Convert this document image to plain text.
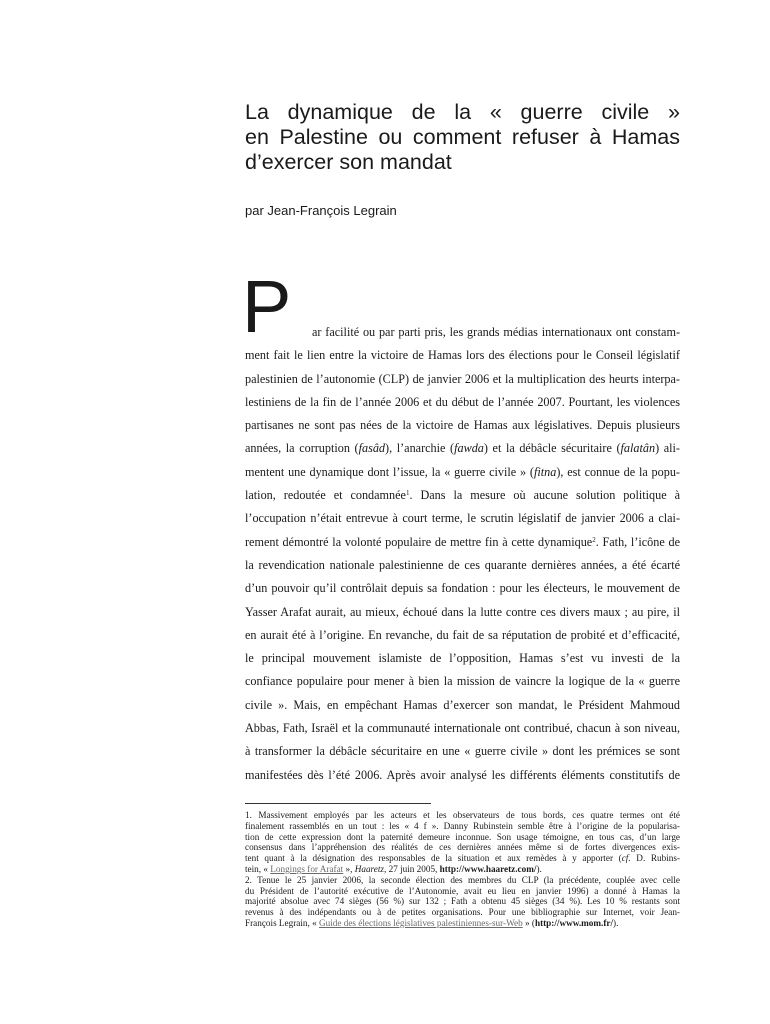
La dynamique de la « guerre civile »
en Palestine ou comment refuser à Hamas
d’exercer son mandat

par Jean-François Legrain

P	ar facilité ou par parti pris, les grands médias internationaux ont constam-
ment fait le lien entre la victoire de Hamas lors des élections pour le Conseil législatif
palestinien de l’autonomie (CLP) de janvier 2006 et la multiplication des heurts interpa-
lestiniens de la fin de l’année 2006 et du début de l’année 2007. Pourtant, les violences
partisanes ne sont pas nées de la victoire de Hamas aux législatives. Depuis plusieurs
années, la corruption (fasâd), l’anarchie (fawda) et la débâcle sécuritaire (falatân) ali-
mentent une dynamique dont l’issue, la « guerre civile » (fitna), est connue de la popu-
lation, redoutée et condamnée$^1$. Dans la mesure où aucune solution politique à
l’occupation n’était entrevue à court terme, le scrutin législatif de janvier 2006 a clai-
rement démontré la volonté populaire de mettre fin à cette dynamique$^2$. Fath, l’icône de
la revendication nationale palestinienne de ces quarante dernières années, a été écarté
d’un pouvoir qu’il contrôlait depuis sa fondation : pour les électeurs, le mouvement de
Yasser Arafat aurait, au mieux, échoué dans la lutte contre ces divers maux ; au pire, il
en aurait été à l’origine. En revanche, du fait de sa réputation de probité et d’efficacité,
le principal mouvement islamiste de l’opposition, Hamas s’est vu investi de la
confiance populaire pour mener à bien la mission de vaincre la logique de la « guerre
civile ». Mais, en empêchant Hamas d’exercer son mandat, le Président Mahmoud
Abbas, Fath, Israël et la communauté internationale ont contribué, chacun à son niveau,
à transformer la débâcle sécuritaire en une « guerre civile » dont les prémices se sont
manifestées dès l’été 2006. Après avoir analysé les différents éléments constitutifs de
1. Massivement employés par les acteurs et les observateurs de tous bords, ces quatre termes ont été
finalement rassemblés en un tout : les « 4 f ». Danny Rubinstein semble être à l’origine de la popularisa-
tion de cette expression dont la paternité demeure inconnue. Son usage témoigne, en tous cas, d’un large
consensus dans l’appréhension des réalités de ces dernières années même si de fortes divergences exis-
tent quant à la désignation des responsables de la situation et aux remèdes à y apporter (cf. D. Rubins-
tein, « Longings for Arafat », Haaretz, 27 juin 2005, http://www.haaretz.com/).
2. Tenue le 25 janvier 2006, la seconde élection des membres du CLP (la précédente, couplée avec celle
du Président de l’autorité exécutive de l’Autonomie, avait eu lieu en janvier 1996) a donné à Hamas la
majorité absolue avec 74 sièges (56 %) sur 132 ; Fath a obtenu 45 sièges (34 %). Les 10 % restants sont
revenus à des indépendants ou à de petites organisations. Pour une bibliographie sur Internet, voir Jean-
François Legrain, « Guide des élections législatives palestiniennes-sur-Web » (http://www.mom.fr/).
